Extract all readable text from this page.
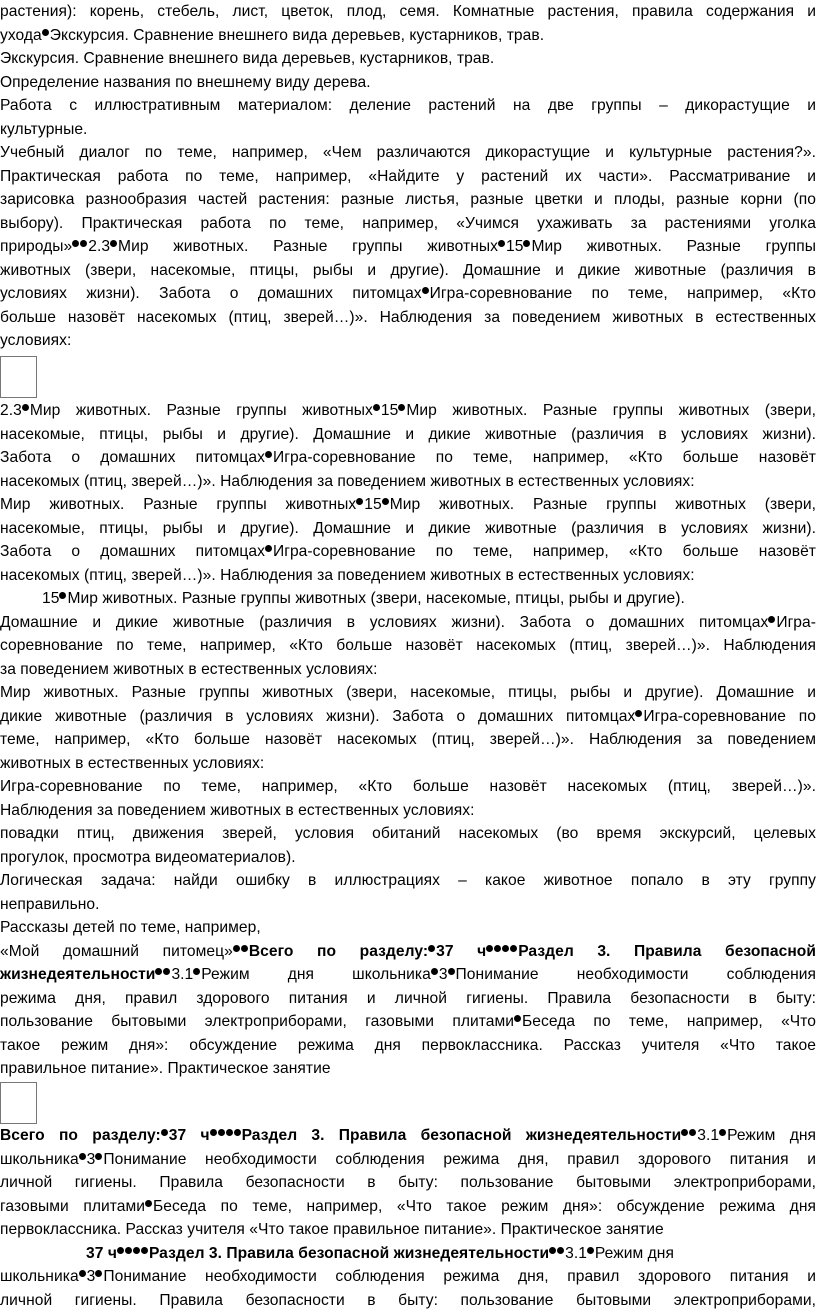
растения): корень, стебель, лист, цветок, плод, семя. Комнатные растения, правила содержания и
ухода Экскурсия. Сравнение внешнего вида деревьев, кустарников, трав.
Экскурсия. Сравнение внешнего вида деревьев, кустарников, трав.
Определение названия по внешнему виду дерева.
Работа с иллюстративным материалом: деление растений на две группы – дикорастущие и
культурные.
Учебный диалог по теме, например, «Чем различаются дикорастущие и культурные растения?».
Практическая работа по теме, например, «Найдите у растений их части». Рассматривание и
зарисовка разнообразия частей растения: разные листья, разные цветки и плоды, разные корни (по
выбору). Практическая работа по теме, например, «Учимся ухаживать за растениями уголка
природы» 2.3 Мир животных. Разные группы животных 15 Мир животных. Разные группы
животных (звери, насекомые, птицы, рыбы и другие). Домашние и дикие животные (различия в
условиях жизни). Забота о домашних питомцах Игра-соревнование по теме, например, «Кто
больше назовёт насекомых (птиц, зверей…)». Наблюдения за поведением животных в естественных
условиях:
2.3 Мир животных. Разные группы животных 15 Мир животных. Разные группы животных (звери,
насекомые, птицы, рыбы и другие). Домашние и дикие животные (различия в условиях жизни).
Забота о домашних питомцах Игра-соревнование по теме, например, «Кто больше назовёт
насекомых (птиц, зверей…)». Наблюдения за поведением животных в естественных условиях:
Мир животных. Разные группы животных 15 Мир животных. Разные группы животных (звери,
насекомые, птицы, рыбы и другие). Домашние и дикие животные (различия в условиях жизни).
Забота о домашних питомцах Игра-соревнование по теме, например, «Кто больше назовёт
насекомых (птиц, зверей…)». Наблюдения за поведением животных в естественных условиях:
15 Мир животных. Разные группы животных (звери, насекомые, птицы, рыбы и другие).
Домашние и дикие животные (различия в условиях жизни). Забота о домашних питомцах Игра-
соревнование по теме, например, «Кто больше назовёт насекомых (птиц, зверей…)». Наблюдения
за поведением животных в естественных условиях:
Мир животных. Разные группы животных (звери, насекомые, птицы, рыбы и другие). Домашние и
дикие животные (различия в условиях жизни). Забота о домашних питомцах Игра-соревнование по
теме, например, «Кто больше назовёт насекомых (птиц, зверей…)». Наблюдения за поведением
животных в естественных условиях:
Игра-соревнование по теме, например, «Кто больше назовёт насекомых (птиц, зверей…)».
Наблюдения за поведением животных в естественных условиях:
повадки птиц, движения зверей, условия обитаний насекомых (во время экскурсий, целевых
прогулок, просмотра видеоматериалов).
Логическая задача: найди ошибку в иллюстрациях – какое животное попало в эту группу
неправильно.
Рассказы детей по теме, например,
«Мой домашний питомец» Всего по разделу: 37 ч Раздел 3. Правила безопасной
жизнедеятельности 3.1 Режим дня школьника 3 Понимание необходимости соблюдения
режима дня, правил здорового питания и личной гигиены. Правила безопасности в быту:
пользование бытовыми электроприборами, газовыми плитами Беседа по теме, например, «Что
такое режим дня»: обсуждение режима дня первоклассника. Рассказ учителя «Что такое
правильное питание». Практическое занятие
Всего по разделу: 37 ч Раздел 3. Правила безопасной жизнедеятельности 3.1 Режим дня
школьника 3 Понимание необходимости соблюдения режима дня, правил здорового питания и
личной гигиены. Правила безопасности в быту: пользование бытовыми электроприборами,
газовыми плитами Беседа по теме, например, «Что такое режим дня»: обсуждение режима дня
первоклассника. Рассказ учителя «Что такое правильное питание». Практическое занятие
37 ч Раздел 3. Правила безопасной жизнедеятельности 3.1 Режим дня
школьника 3 Понимание необходимости соблюдения режима дня, правил здорового питания и
личной гигиены. Правила безопасности в быту: пользование бытовыми электроприборами,
